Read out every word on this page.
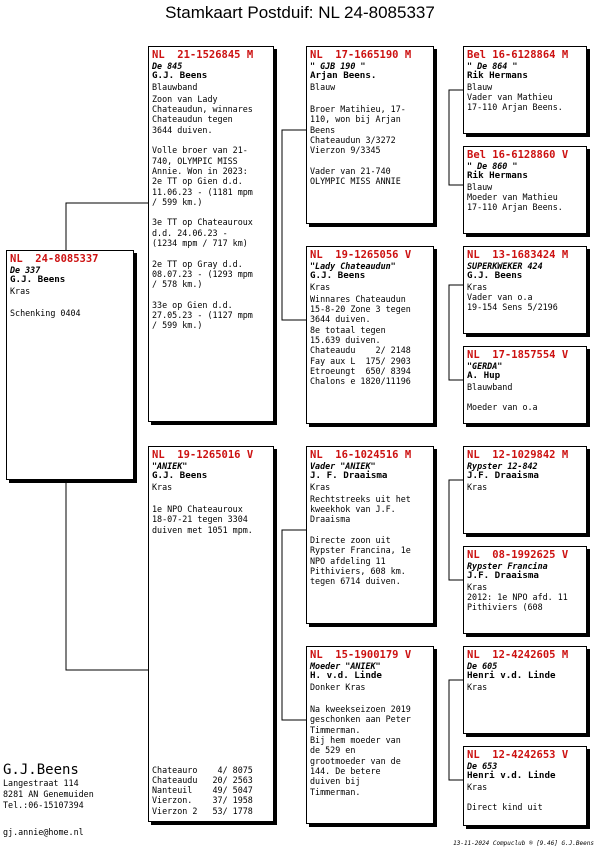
Stamkaart Postduif: NL 24-8085337
NL  24-8085337
De 337
G.J. Beens
Kras

Schenking 0404
NL  21-1526845 M
De 845
G.J. Beens
Blauwband
Zoon van Lady
Chateaudun, winnares
Chateaudun tegen
3644 duiven.

Volle broer van 21-
740, OLYMPIC MISS
Annie. Won in 2023:
2e TT op Gien d.d.
11.06.23 - (1181 mpm
/ 599 km.)

3e TT op Chateauroux
d.d. 24.06.23 -
(1234 mpm / 717 km)

2e TT op Gray d.d.
08.07.23 - (1293 mpm
/ 578 km.)

33e op Gien d.d.
27.05.23 - (1127 mpm
/ 599 km.)
NL  19-1265016 V
"ANIEK"
G.J. Beens
Kras

1e NPO Chateauroux
18-07-21 tegen 3304
duiven met 1051 mpm.
Chateauro    4/ 8075
Chateaudu   20/ 2563
Nanteuil    49/ 5047
Vierzon.    37/ 1958
Vierzon 2   53/ 1778
NL  17-1665190 M
" GJB 190 "
Arjan Beens.
Blauw

Broer Matihieu, 17-
110, won bij Arjan
Beens
Chateaudun 3/3272
Vierzon 9/3345

Vader van 21-740
OLYMPIC MISS ANNIE
NL  19-1265056 V
"Lady Chateaudun"
G.J. Beens
Kras
Winnares Chateaudun
15-8-20 Zone 3 tegen
3644 duiven.
8e totaal tegen
15.639 duiven.
Chateaudu    2/ 2148
Fay aux L  175/ 2903
Etroeungt  650/ 8394
Chalons e 1820/11196
NL  16-1024516 M
Vader "ANIEK"
J. F. Draaisma
Kras
Rechtstreeks uit het
kweekhok van J.F.
Draaisma

Directe zoon uit
Rypster Francina, 1e
NPO afdeling 11
Pithiviers, 608 km.
tegen 6714 duiven.
NL  15-1900179 V
Moeder "ANIEK"
H. v.d. Linde
Donker Kras

Na kweekseizoen 2019
geschonken aan Peter
Timmerman.
Bij hem moeder van
de 529 en
grootmoeder van de
144. De betere
duiven bij
Timmerman.
Bel 16-6128864 M
" De 864 "
Rik Hermans
Blauw
Vader van Mathieu
17-110 Arjan Beens.
Bel 16-6128860 V
" De 860 "
Rik Hermans
Blauw
Moeder van Mathieu
17-110 Arjan Beens.
NL  13-1683424 M
SUPERKWEKER 424
G.J. Beens
Kras
Vader van o.a
19-154 Sens 5/2196
NL  17-1857554 V
"GERDA"
A. Hup
Blauwband

Moeder van o.a
NL  12-1029842 M
Rypster 12-842
J.F. Draaisma
Kras
NL  08-1992625 V
Rypster Francina
J.F. Draaisma
Kras
2012: 1e NPO afd. 11
Pithiviers (608
NL  12-4242605 M
De 605
Henri v.d. Linde
Kras
NL  12-4242653 V
De 653
Henri v.d. Linde
Kras

Direct kind uit
G.J.Beens
Langestraat 114
8281 AN Genemuiden
Tel.:06-15107394
gj.annie@home.nl
13-11-2024 Compuclub ® [9.46] G.J.Beens
